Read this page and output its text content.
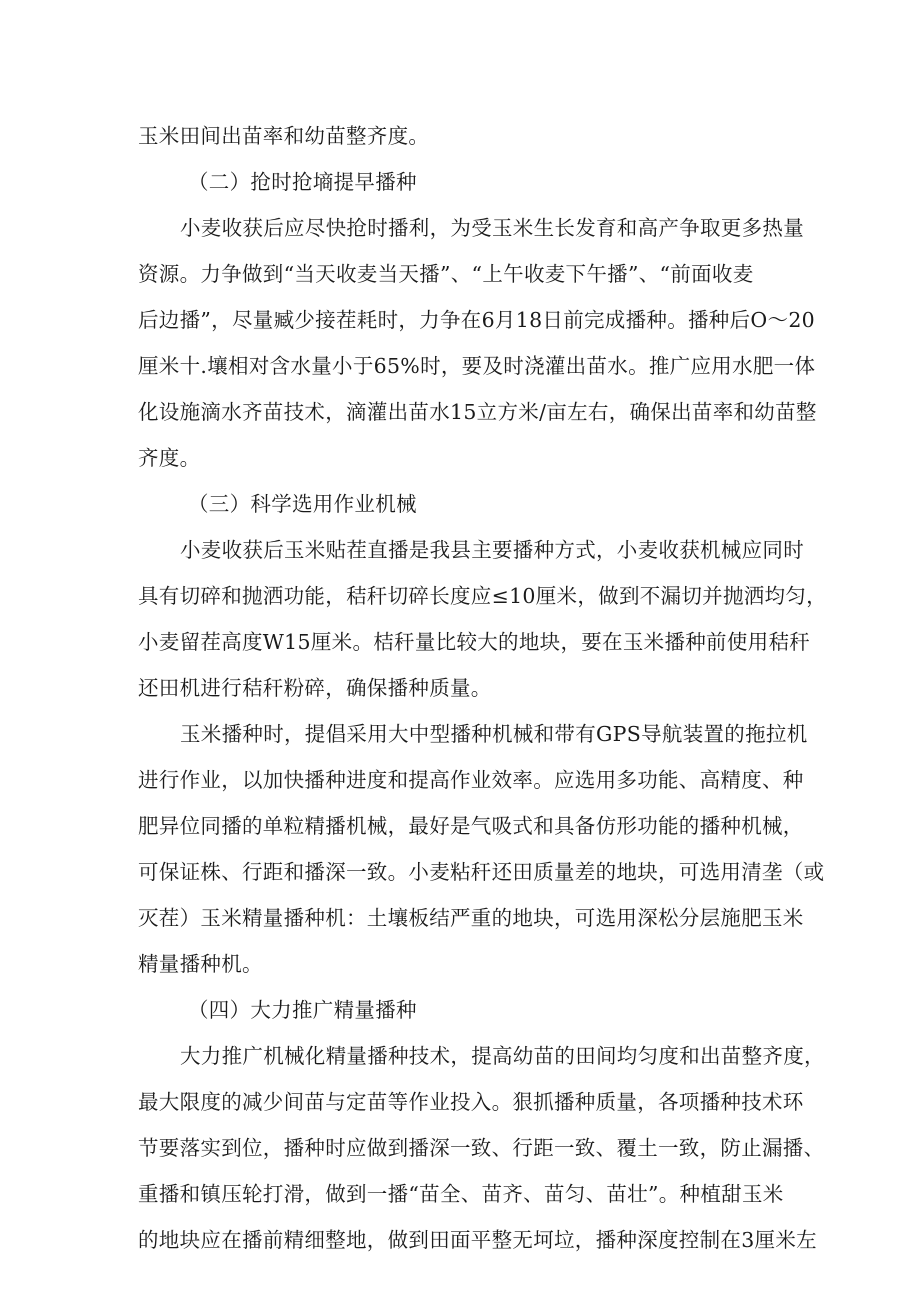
玉米田间出苗率和幼苗整齐度。
（二）抢时抢墒提早播种
小麦收获后应尽快抢时播利，为受玉米生长发育和高产争取更多热量
资源。力争做到“当天收麦当天播”、“上午收麦下午播”、“前面收麦
后边播”，尽量臧少接茬耗时，力争在6月18日前完成播种。播种后O～20
厘米十.壤相对含水量小于65%时，要及时浇灌出苗水。推广应用水肥一体
化设施滴水齐苗技术，滴灌出苗水15立方米/亩左右，确保出苗率和幼苗整
齐度。
（三）科学选用作业机械
小麦收获后玉米贴茬直播是我县主要播种方式，小麦收获机械应同时
具有切碎和抛洒功能，秸秆切碎长度应≤10厘米，做到不漏切并抛洒均匀，
小麦留茬高度W15厘米。桔秆量比较大的地块，要在玉米播种前使用秸秆
还田机进行秸秆粉碎，确保播种质量。
玉米播种时，提倡采用大中型播种机械和带有GPS导航装置的拖拉机
进行作业，以加快播种进度和提高作业效率。应选用多功能、高精度、种
肥异位同播的单粒精播机械，最好是气吸式和具备仿形功能的播种机械，
可保证株、行距和播深一致。小麦粘秆还田质量差的地块，可选用清垄（或
灭茬）玉米精量播种机：土壤板结严重的地块，可选用深松分层施肥玉米
精量播种机。
（四）大力推广精量播种
大力推广机械化精量播种技术，提高幼苗的田间均匀度和出苗整齐度，
最大限度的减少间苗与定苗等作业投入。狠抓播种质量，各项播种技术环
节要落实到位，播种时应做到播深一致、行距一致、覆土一致，防止漏播、
重播和镇压轮打滑，做到一播“苗全、苗齐、苗匀、苗壮”。种植甜玉米
的地块应在播前精细整地，做到田面平整无坷垃，播种深度控制在3厘米左
